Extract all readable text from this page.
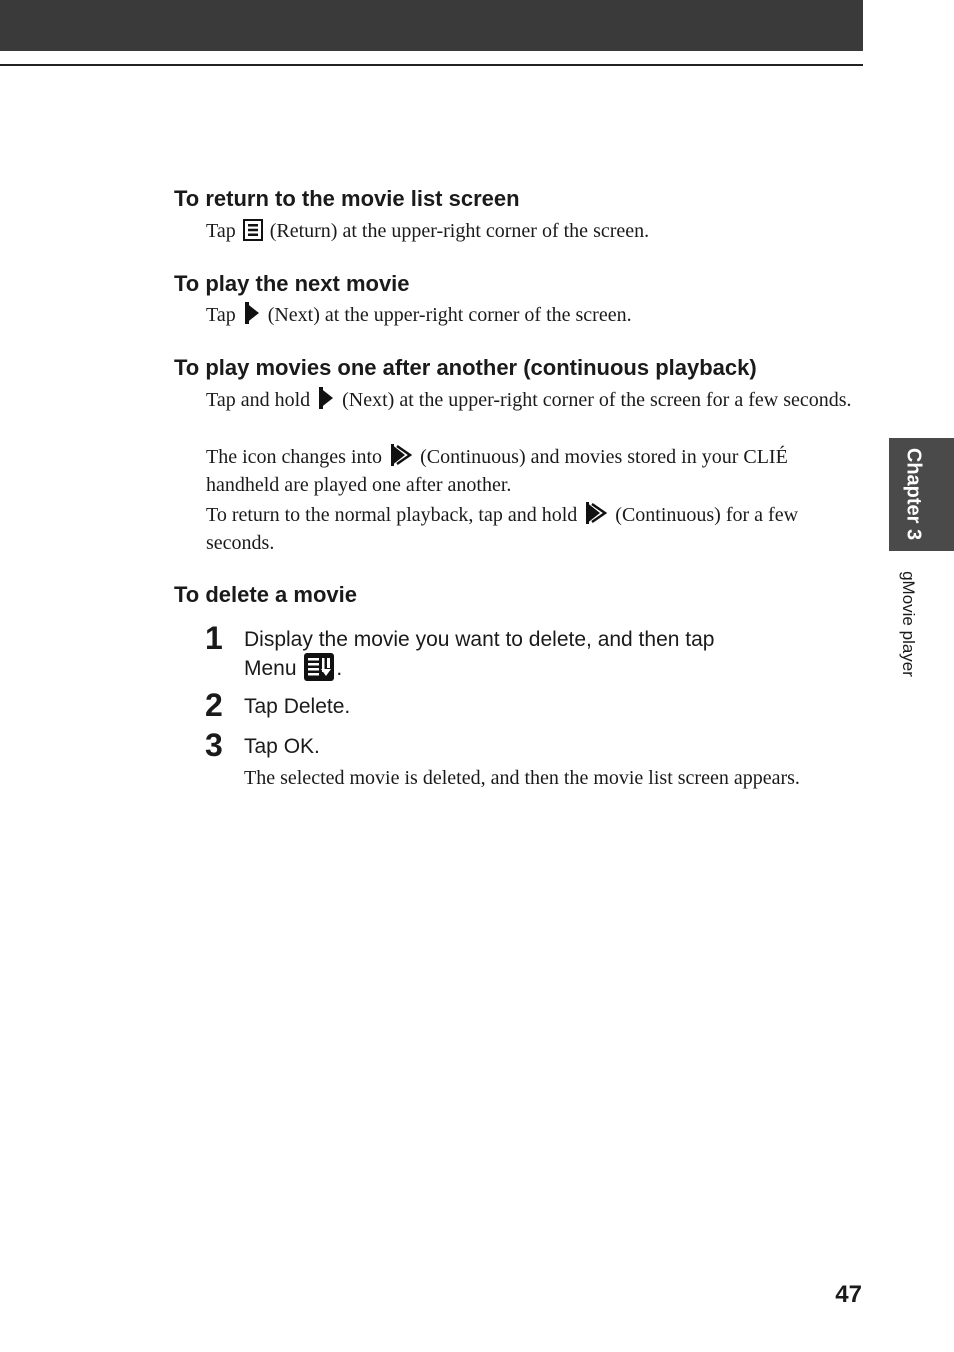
Chapter 3
gMovie player
To return to the movie list screen

Tap (Return) at the upper-right corner of the screen.

To play the next movie

Tap (Next) at the upper-right corner of the screen.

To play movies one after another (continuous playback)

Tap and hold (Next) at the upper-right corner of the screen for a few seconds.

The icon changes into (Continuous) and movies stored in your CLIÉ handheld are played one after another.

To return to the normal playback, tap and hold (Continuous) for a few seconds.

To delete a movie
1 Display the movie you want to delete, and then tap
Menu .

2 Tap Delete.

3 Tap OK.

The selected movie is deleted, and then the movie list screen appears.

47
